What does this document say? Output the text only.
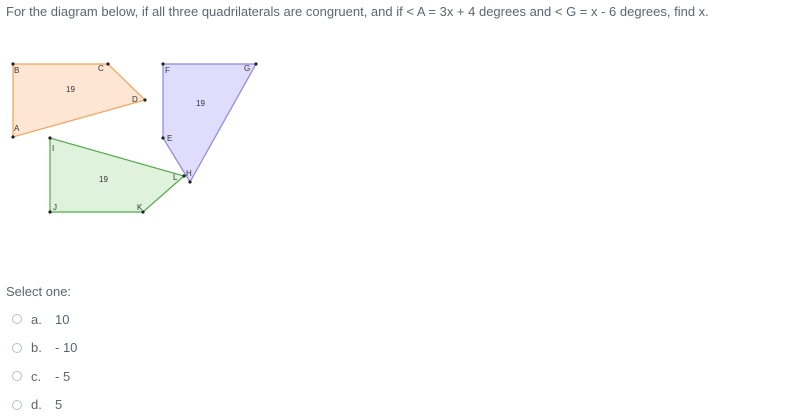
For the diagram below, if all three quadrilaterals are congruent, and if < A = 3x + 4 degrees and < G = x - 6 degrees, find x.
19
19
19
A
B	C
D
E
F	G
H
I
J	K
L
Select one:
a.	10
b.	- 10
c.	- 5
d.	5
